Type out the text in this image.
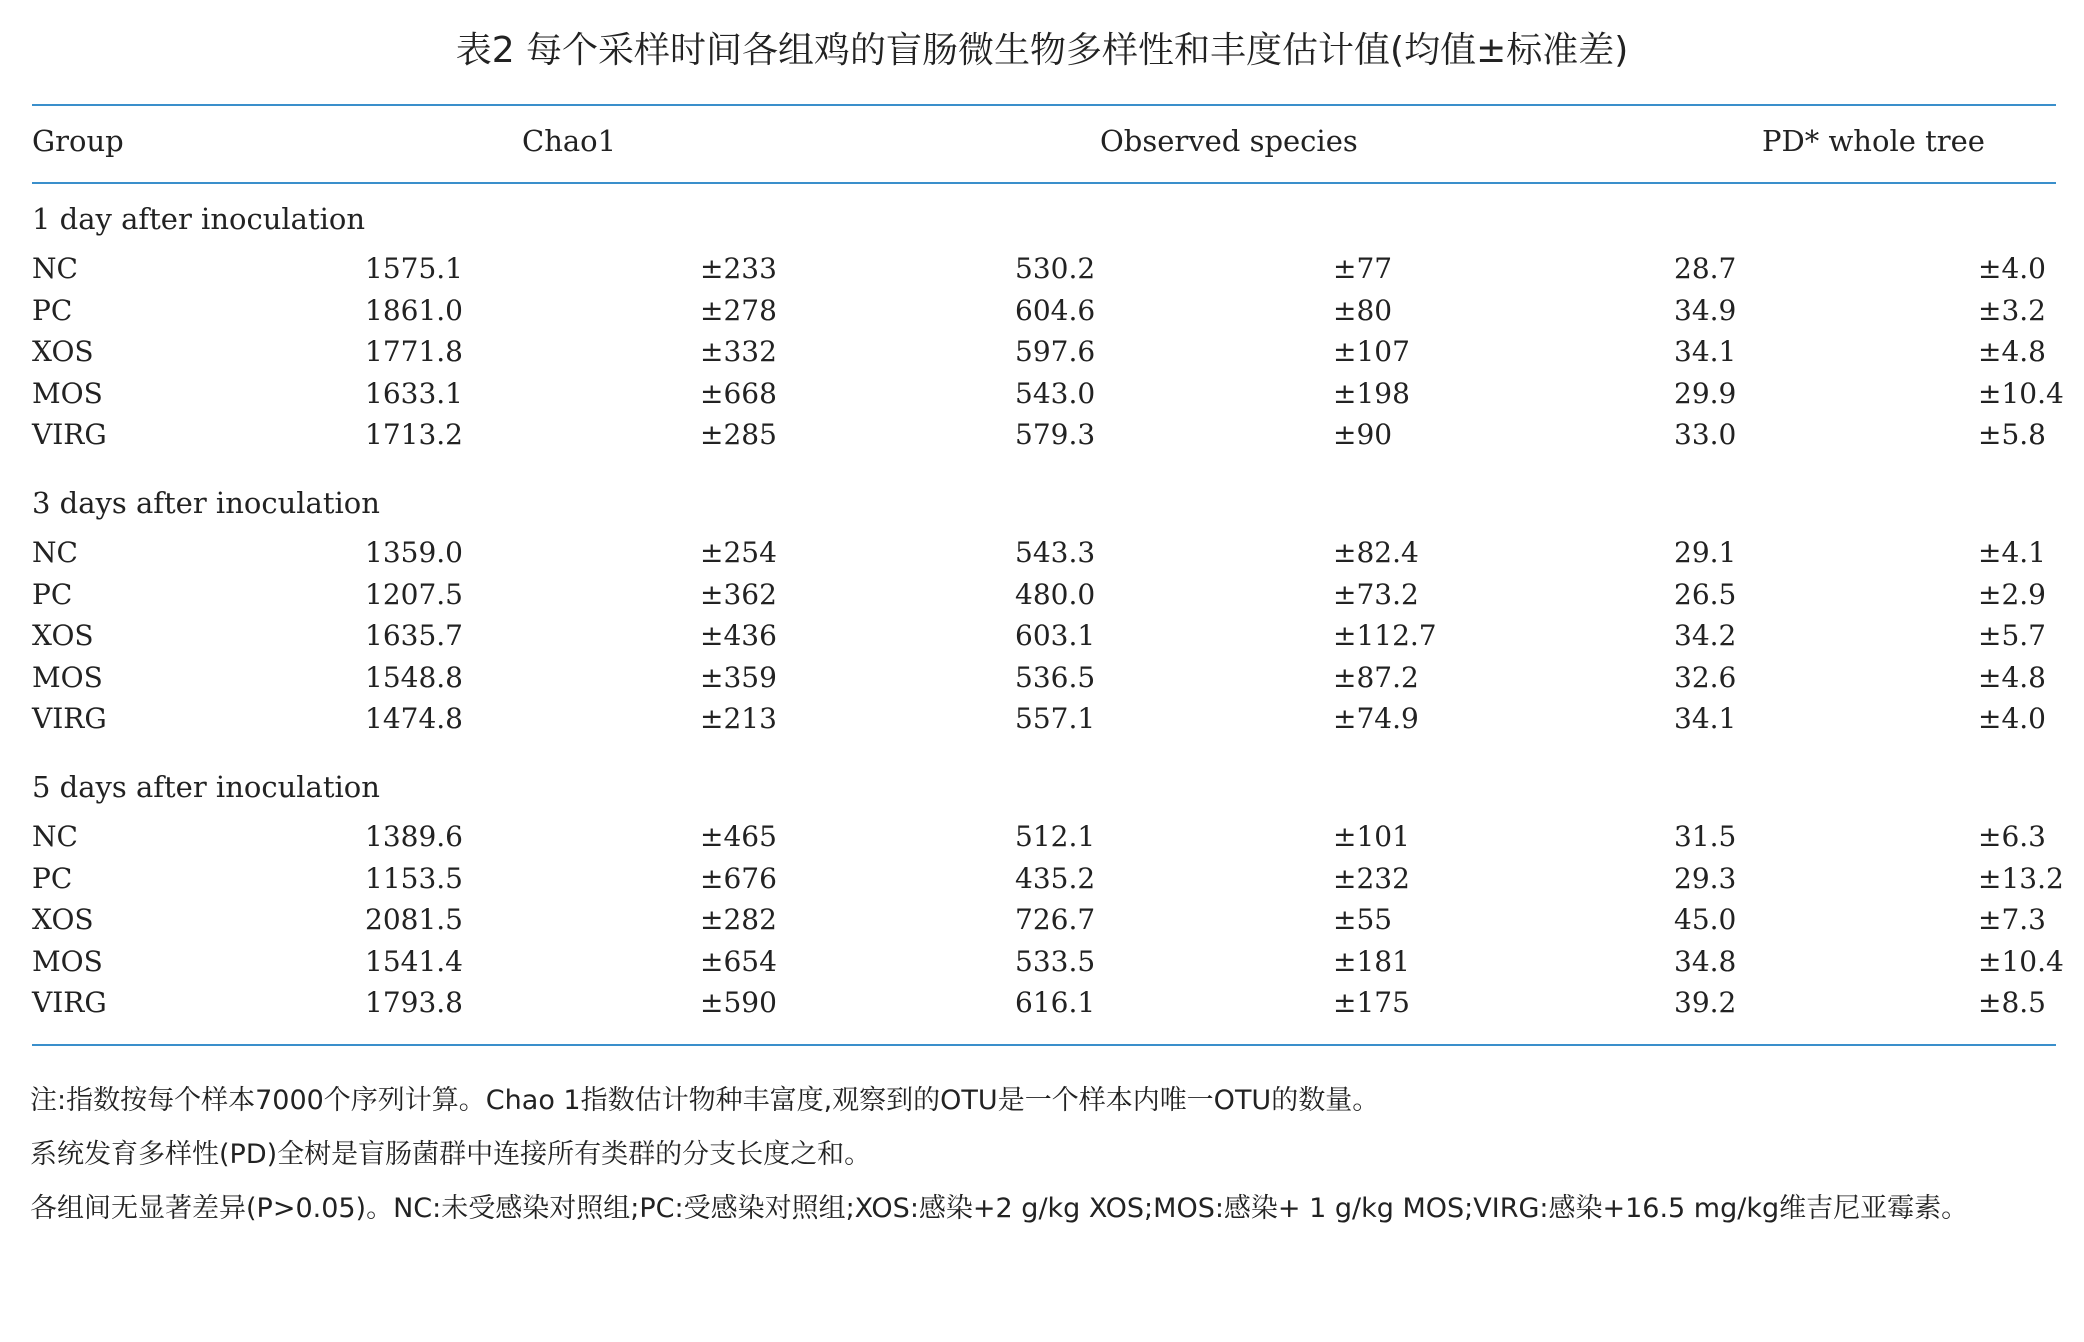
表2 每个采样时间各组鸡的盲肠微生物多样性和丰度估计值(均值±标准差)
Group	Chao1	Observed species	PD* whole tree
1 day after inoculation
NC	1575.1	±233	530.2	±77	28.7	±4.0
PC	1861.0	±278	604.6	±80	34.9	±3.2
XOS	1771.8	±332	597.6	±107	34.1	±4.8
MOS	1633.1	±668	543.0	±198	29.9	±10.4
VIRG	1713.2	±285	579.3	±90	33.0	±5.8
3 days after inoculation
NC	1359.0	±254	543.3	±82.4	29.1	±4.1
PC	1207.5	±362	480.0	±73.2	26.5	±2.9
XOS	1635.7	±436	603.1	±112.7	34.2	±5.7
MOS	1548.8	±359	536.5	±87.2	32.6	±4.8
VIRG	1474.8	±213	557.1	±74.9	34.1	±4.0
5 days after inoculation
NC	1389.6	±465	512.1	±101	31.5	±6.3
PC	1153.5	±676	435.2	±232	29.3	±13.2
XOS	2081.5	±282	726.7	±55	45.0	±7.3
MOS	1541.4	±654	533.5	±181	34.8	±10.4
VIRG	1793.8	±590	616.1	±175	39.2	±8.5
注:指数按每个样本7000个序列计算。Chao 1指数估计物种丰富度,观察到的OTU是一个样本内唯一OTU的数量。
系统发育多样性(PD)全树是盲肠菌群中连接所有类群的分支长度之和。
各组间无显著差异(P>0.05)。NC:未受感染对照组;PC:受感染对照组;XOS:感染+2 g/kg XOS;MOS:感染+ 1 g/kg MOS;VIRG:感染+16.5 mg/kg维吉尼亚霉素。
